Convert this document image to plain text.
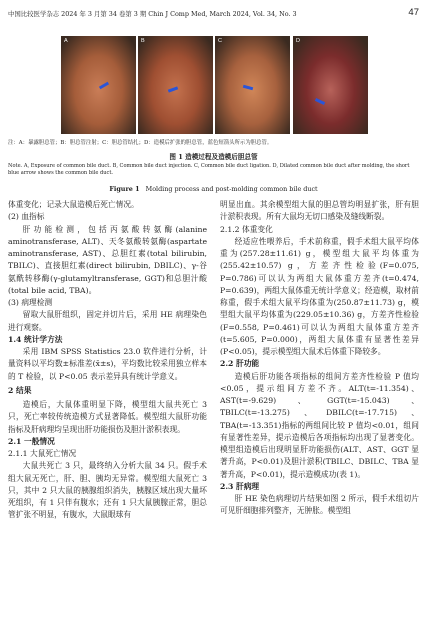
中国比较医学杂志 2024 年 3 月第 34 卷第 3 期 Chin J Comp Med, March 2024, Vol. 34, No. 3	47
A	B	C	D
注：A：暴露胆总管；B：胆总管注射；C：胆总管结扎；D：造模后扩张的胆总管，蓝色短箭头所示为胆总管。
图 1 造模过程及造模后胆总管
Note. A, Exposure of common bile duct. B, Common bile duct injection. C, Common bile duct ligation. D, Dilated common bile duct after molding, the short blue arrow shows the common bile duct.
Figure 1 Molding process and post-molding common bile duct

体重变化；记录大鼠造模后死亡情况。

(2) 血指标

肝功能检测，包括丙氨酸转氨酶(alanine aminotransferase, ALT)、天冬氨酸转氨酶(aspartate aminotransferase, AST)、总胆红素(total bilirubin, TBILC)、直接胆红素(direct bilirubin, DBILC)、γ-谷氨酰转移酶(γ-glutamyltransferase, GGT)和总胆汁酸(total bile acid, TBA)。

(3) 病理检测

留取大鼠肝组织，固定并切片后，采用 HE 病理染色进行观察。

1.4 统计学方法

采用 IBM SPSS Statistics 23.0 软件进行分析，计量资料以平均数±标准差(x̄±s)，平均数比较采用独立样本的 T 检验，以 P<0.05 表示差异具有统计学意义。

2 结果

造模后，大鼠体重明显下降，模型组大鼠共死亡 3 只，死亡率较传统造模方式显著降低。模型组大鼠肝功能指标及肝病理均呈现出肝功能损伤及胆汁淤积表现。

2.1 一般情况

2.1.1 大鼠死亡情况

大鼠共死亡 3 只，最终纳入分析大鼠 34 只。假手术组大鼠无死亡，肝、胆、胰均无异常。模型组大鼠死亡 3 只，其中 2 只大鼠的胰腺组织消失，胰腺区域出现大量坏死组织，有 1 只伴有腹水；还有 1 只大鼠胰腺正常，胆总管扩张不明显，有腹水，大鼠眼球有

明显出血。其余模型组大鼠的胆总管均明显扩张，肝有胆汁淤积表现。所有大鼠均无切口感染及缝线断裂。

2.1.2 体重变化

经适应性喂养后，手术前称重，假手术组大鼠平均体重为(257.28±11.61) g，模型组大鼠平均体重为(255.42±10.57) g，方差齐性检验(F=0.075, P=0.786)可以认为两组大鼠体重方差齐(t=0.474, P=0.639)，两组大鼠体重无统计学意义；经造模，取材前称重，假手术组大鼠平均体重为(250.87±11.73) g，模型组大鼠平均体重为(229.05±10.36) g，方差齐性检验(F=0.558, P=0.461)可以认为两组大鼠体重方差齐(t=5.605, P=0.000)，两组大鼠体重有显著性差异(P<0.05)，提示模型组大鼠术后体重下降较多。

2.2 肝功能

造模后肝功能各项指标的组间方差齐性检验 P 值均<0.05，提示组间方差不齐。ALT(t=-11.354)、AST(t=-9.629)、GGT(t=-15.043)、TBILC(t=-13.275)、DBILC(t=-17.715)、TBA(t=-13.351)指标的两组间比较 P 值均<0.01，组间有显著性差异，提示造模后各项指标均出现了显著变化。模型组造模后出现明显肝功能损伤(ALT、AST、GGT 显著升高，P<0.01)及胆汁淤积(TBILC、DBILC、TBA 显著升高，P<0.01)，提示造模成功(表 1)。

2.3 肝病理

肝 HE 染色病理切片结果如图 2 所示，假手术组切片可见肝细胞排列整齐，无肿胀。模型组
